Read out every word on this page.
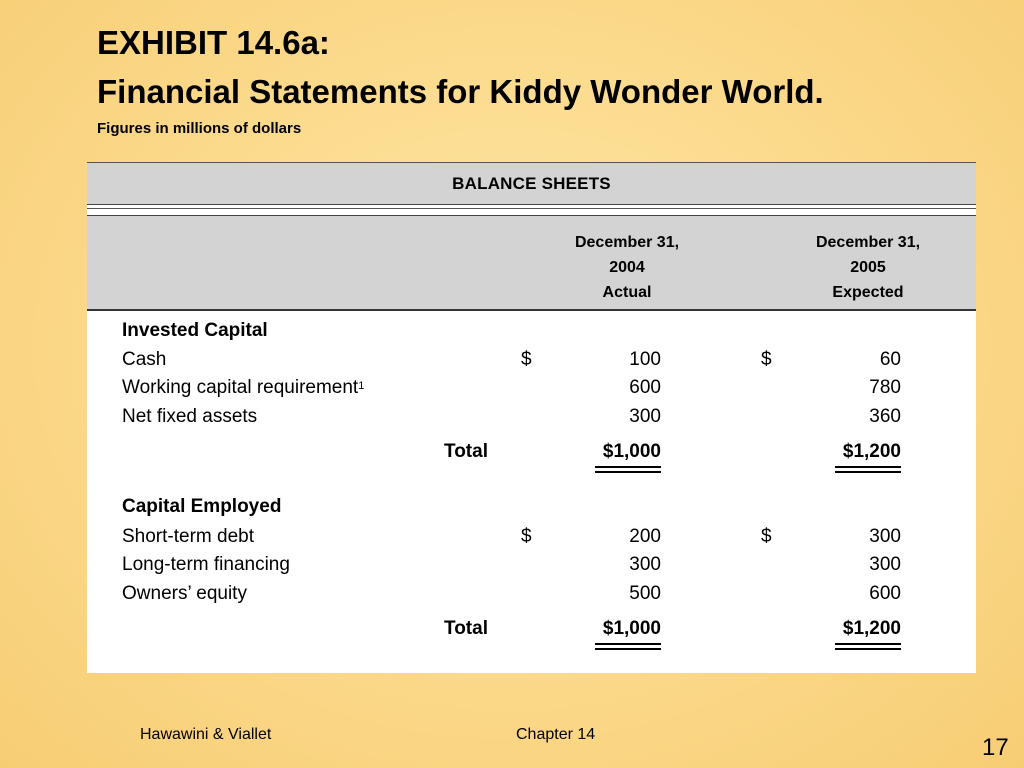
EXHIBIT 14.6a:
Financial Statements for Kiddy Wonder World.
Figures in millions of dollars
BALANCE SHEETS
December 31,
2004
Actual
December 31,
2005
Expected
Invested Capital
Cash	$	100	$	60
Working capital requirement$^1$	600	780
Net fixed assets	300	360
Total	$1,000	$1,200
Capital Employed
Short-term debt	$	200	$	300
Long-term financing	300	300
Owners’ equity	500	600
Total	$1,000	$1,200
Hawawini & Viallet	Chapter 14	17
